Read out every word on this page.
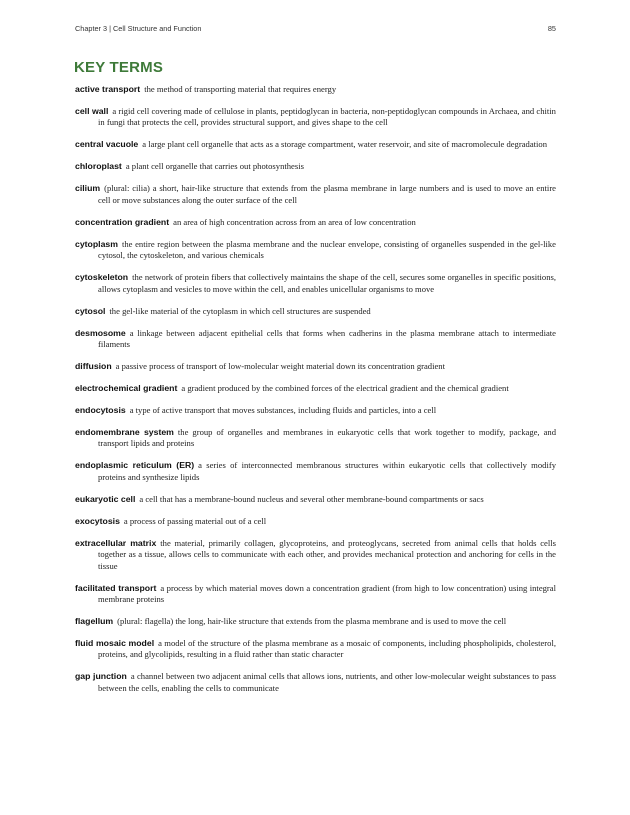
Chapter 3 | Cell Structure and Function	85
KEY TERMS

active transport the method of transporting material that requires energy

cell wall a rigid cell covering made of cellulose in plants, peptidoglycan in bacteria, non-peptidoglycan compounds in Archaea, and chitin in fungi that protects the cell, provides structural support, and gives shape to the cell

central vacuole a large plant cell organelle that acts as a storage compartment, water reservoir, and site of macromolecule degradation

chloroplast a plant cell organelle that carries out photosynthesis

cilium (plural: cilia) a short, hair-like structure that extends from the plasma membrane in large numbers and is used to move an entire cell or move substances along the outer surface of the cell

concentration gradient an area of high concentration across from an area of low concentration

cytoplasm the entire region between the plasma membrane and the nuclear envelope, consisting of organelles suspended in the gel-like cytosol, the cytoskeleton, and various chemicals

cytoskeleton the network of protein fibers that collectively maintains the shape of the cell, secures some organelles in specific positions, allows cytoplasm and vesicles to move within the cell, and enables unicellular organisms to move

cytosol the gel-like material of the cytoplasm in which cell structures are suspended

desmosome a linkage between adjacent epithelial cells that forms when cadherins in the plasma membrane attach to intermediate filaments

diffusion a passive process of transport of low-molecular weight material down its concentration gradient

electrochemical gradient a gradient produced by the combined forces of the electrical gradient and the chemical gradient

endocytosis a type of active transport that moves substances, including fluids and particles, into a cell

endomembrane system the group of organelles and membranes in eukaryotic cells that work together to modify, package, and transport lipids and proteins

endoplasmic reticulum (ER) a series of interconnected membranous structures within eukaryotic cells that collectively modify proteins and synthesize lipids

eukaryotic cell a cell that has a membrane-bound nucleus and several other membrane-bound compartments or sacs

exocytosis a process of passing material out of a cell

extracellular matrix the material, primarily collagen, glycoproteins, and proteoglycans, secreted from animal cells that holds cells together as a tissue, allows cells to communicate with each other, and provides mechanical protection and anchoring for cells in the tissue

facilitated transport a process by which material moves down a concentration gradient (from high to low concentration) using integral membrane proteins

flagellum (plural: flagella) the long, hair-like structure that extends from the plasma membrane and is used to move the cell

fluid mosaic model a model of the structure of the plasma membrane as a mosaic of components, including phospholipids, cholesterol, proteins, and glycolipids, resulting in a fluid rather than static character

gap junction a channel between two adjacent animal cells that allows ions, nutrients, and other low-molecular weight substances to pass between the cells, enabling the cells to communicate
